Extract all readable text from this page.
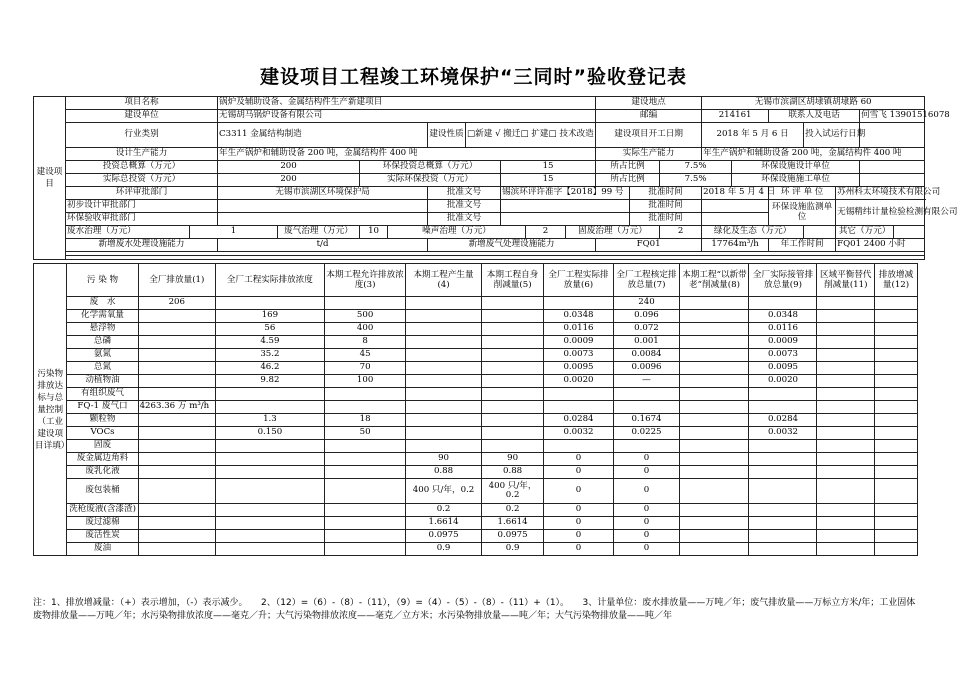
建设项目工程竣工环境保护“三同时”验收登记表
建设项目	项目名称		锅炉及辅助设备、金属结构件生产新建项目									建设地点			无锡市滨湖区胡埭镇胡埭路 60						
	建设单位		无锡胡马锅炉设备有限公司									邮编			214161		联系人及电话			何雪飞 13901516078	
	行业类别		C3311 金属结构制造				建设性质	□新建 √ 搬迁□ 扩建□ 技术改造				建设项目开工日期			2018 年 5 月 6 日			投入试运行日期			
	设计生产能力		年生产锅炉和辅助设备 200 吨，金属结构件 400 吨									实际生产能力			年生产锅炉和辅助设备 200 吨，金属结构件 400 吨						
	投资总概算（万元）		200		环保投资总概算（万元）				15			所占比例		7.5%		环保设施设计单位					
	实际总投资（万元）		200		实际环保投资（万元）				15			所占比例		7.5%		环保设施施工单位					
	环评审批部门		无锡市滨湖区环境保护局				批准文号		锡滨环评许准字【2018】99 号				批准时间		2018 年 5 月 4 日		环 评 单 位		苏州科太环境技术有限公司		
	初步设计审批部门						批准文号						批准时间				环保设施监测单位		无锡精纬计量检验检测有限公司		
	环保验收审批部门						批准文号						批准时间								
	废水治理（万元）	1		废气治理（万元）	10	噪声治理（万元）				2	固废治理（万元）			2	绿化及生态（万元）				其它（万元）		
	新增废水处理设施能力		t/d				新增废气处理设施能力					FQ01			17764m³/h		年工作时间		FQ01 2400 小时		

污染物排放达标与总量控制（工业建设项目详填）	污 染 物	全厂排放量(1)	全厂工程实际排放浓度	本期工程允许排放浓度(3)	本期工程产生量(4)	本期工程自身削减量(5)	全厂工程实际排放量(6)	全厂工程核定排放总量(7)	本期工程“以新带老”削减量(8)	全厂实际接管排放总量(9)	区域平衡替代削减量(11)	排放增减量(12)
	废　水	206						240				
	化学需氧量		169	500			0.0348	0.096		0.0348		
	悬浮物		56	400			0.0116	0.072		0.0116		
	总磷		4.59	8			0.0009	0.001		0.0009		
	氨氮		35.2	45			0.0073	0.0084		0.0073		
	总氮		46.2	70			0.0095	0.0096		0.0095		
	动植物油		9.82	100			0.0020	—		0.0020		
	有组织废气											
	FQ-1 废气口	4263.36 万 m³/h										
	颗粒物		1.3	18			0.0284	0.1674		0.0284		
	VOCs		0.150	50			0.0032	0.0225		0.0032		
	固废											
	废金属边角料				90	90	0	0				
	废乳化液				0.88	0.88	0	0				
	废包装桶				400 只/年，0.2	400 只/年，0.2	0	0				
	洗枪废液(含漆渣)				0.2	0.2	0	0				
	废过滤棉				1.6614	1.6614	0	0				
	废活性炭				0.0975	0.0975	0	0				
	废油				0.9	0.9	0	0				
注：1、排放增减量：（+）表示增加，（-）表示减少。　　2、（12）=（6）-（8）-（11），（9）=（4）-（5）-（8）-（11）+（1）。　　3、计量单位：废水排放量——万吨／年；废气排放量——万标立方米/年；工业固体废物排放量——万吨／年；水污染物排放浓度——毫克／升；大气污染物排放浓度——毫克／立方米；水污染物排放量——吨／年；大气污染物排放量——吨／年
